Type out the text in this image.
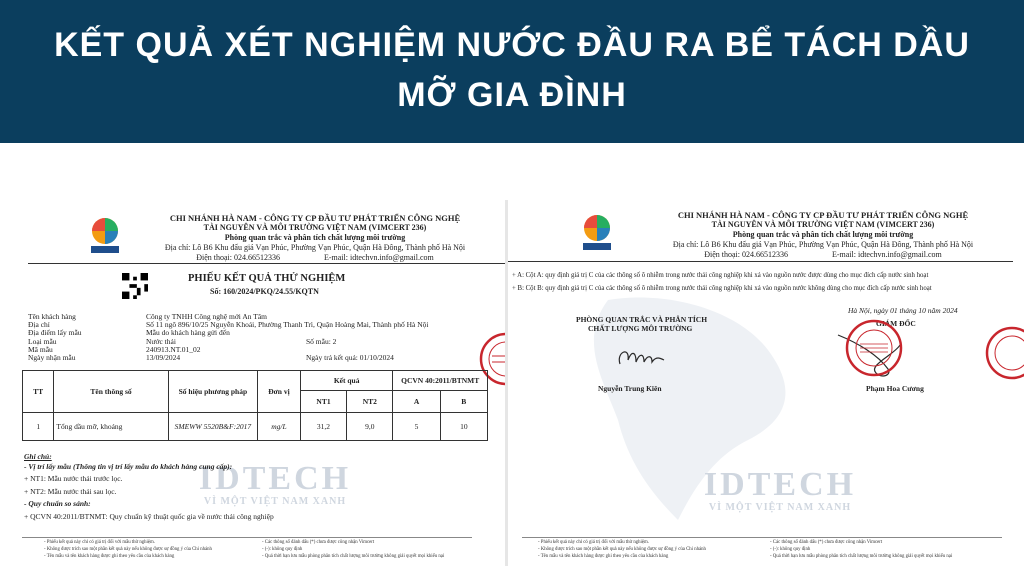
KẾT QUẢ XÉT NGHIỆM NƯỚC ĐẦU RA BỂ TÁCH DẦU
MỠ GIA ĐÌNH
IDTECH
VÌ MỘT VIỆT NAM XANH
IDTECH
CHI NHÁNH HÀ NAM - CÔNG TY CP ĐẦU TƯ PHÁT TRIỂN CÔNG NGHỆ
TÀI NGUYÊN VÀ MÔI TRƯỜNG VIỆT NAM (VIMCERT 236)
Phòng quan trắc và phân tích chất lượng môi trường
Địa chỉ: Lô B6 Khu đấu giá Vạn Phúc, Phường Vạn Phúc, Quận Hà Đông, Thành phố Hà Nội
Điện thoại: 024.66512336	E-mail: idtechvn.info@gmail.com
PHIẾU KẾT QUẢ THỬ NGHIỆM
Số: 160/2024/PKQ/24.55/KQTN
Tên khách hàng	Công ty TNHH Công nghệ mới An Tâm
Địa chỉ	Số 11 ngõ 896/10/25 Nguyễn Khoái, Phường Thanh Trì, Quận Hoàng Mai, Thành phố Hà Nội
Địa điểm lấy mẫu	Mẫu do khách hàng gửi đến
Loại mẫu	Nước thải	Số mẫu: 2
Mã mẫu	240913.NT.01_02
Ngày nhận mẫu	13/09/2024	Ngày trả kết quả: 01/10/2024
TT	Tên thông số	Số hiệu phương pháp	Đơn vị	Kết quả		QCVN 40:2011/BTNMT	
				NT1	NT2	A	B
1	Tổng dầu mỡ, khoáng	SMEWW 5520B&F:2017	mg/L	31,2	9,0	5	10
Ghi chú:
- Vị trí lấy mẫu (Thông tin vị trí lấy mẫu do khách hàng cung cấp):
+ NT1: Mẫu nước thải trước lọc.
+ NT2: Mẫu nước thải sau lọc.
- Quy chuẩn so sánh:
+ QCVN 40:2011/BTNMT: Quy chuẩn kỹ thuật quốc gia về nước thải công nghiệp
- Phiếu kết quả này chỉ có giá trị đối với mẫu thử nghiệm.
- Không được trích sao một phần kết quả này nếu không được sự đồng ý của Chi nhánh
- Tên mẫu và tên khách hàng được ghi theo yêu cầu của khách hàng
- Các thông số đánh dấu (*) chưa được công nhận Vimcert
- (-): không quy định
- Quá thời hạn lưu mẫu phòng phân tích chất lượng môi trường không giải quyết mọi khiếu nại
IDTECH
VÌ MỘT VIỆT NAM XANH
IDTECH
CHI NHÁNH HÀ NAM - CÔNG TY CP ĐẦU TƯ PHÁT TRIỂN CÔNG NGHỆ
TÀI NGUYÊN VÀ MÔI TRƯỜNG VIỆT NAM (VIMCERT 236)
Phòng quan trắc và phân tích chất lượng môi trường
Địa chỉ: Lô B6 Khu đấu giá Vạn Phúc, Phường Vạn Phúc, Quận Hà Đông, Thành phố Hà Nội
Điện thoại: 024.66512336	E-mail: idtechvn.info@gmail.com
+ A: Cột A: quy định giá trị C của các thông số ô nhiễm trong nước thải công nghiệp khi xả vào nguồn nước được dùng cho mục đích cấp nước sinh hoạt
+ B: Cột B: quy định giá trị C của các thông số ô nhiễm trong nước thải công nghiệp khi xả vào nguồn nước không dùng cho mục đích cấp nước sinh hoạt
Hà Nội, ngày 01 tháng 10 năm 2024
PHÒNG QUAN TRẮC VÀ PHÂN TÍCH
CHẤT LƯỢNG MÔI TRƯỜNG
GIÁM ĐỐC
Nguyễn Trung Kiên	Phạm Hoa Cương
- Phiếu kết quả này chỉ có giá trị đối với mẫu thử nghiệm.
- Không được trích sao một phần kết quả này nếu không được sự đồng ý của Chi nhánh
- Tên mẫu và tên khách hàng được ghi theo yêu cầu của khách hàng
- Các thông số đánh dấu (*) chưa được công nhận Vimcert
- (-): không quy định
- Quá thời hạn lưu mẫu phòng phân tích chất lượng môi trường không giải quyết mọi khiếu nại
